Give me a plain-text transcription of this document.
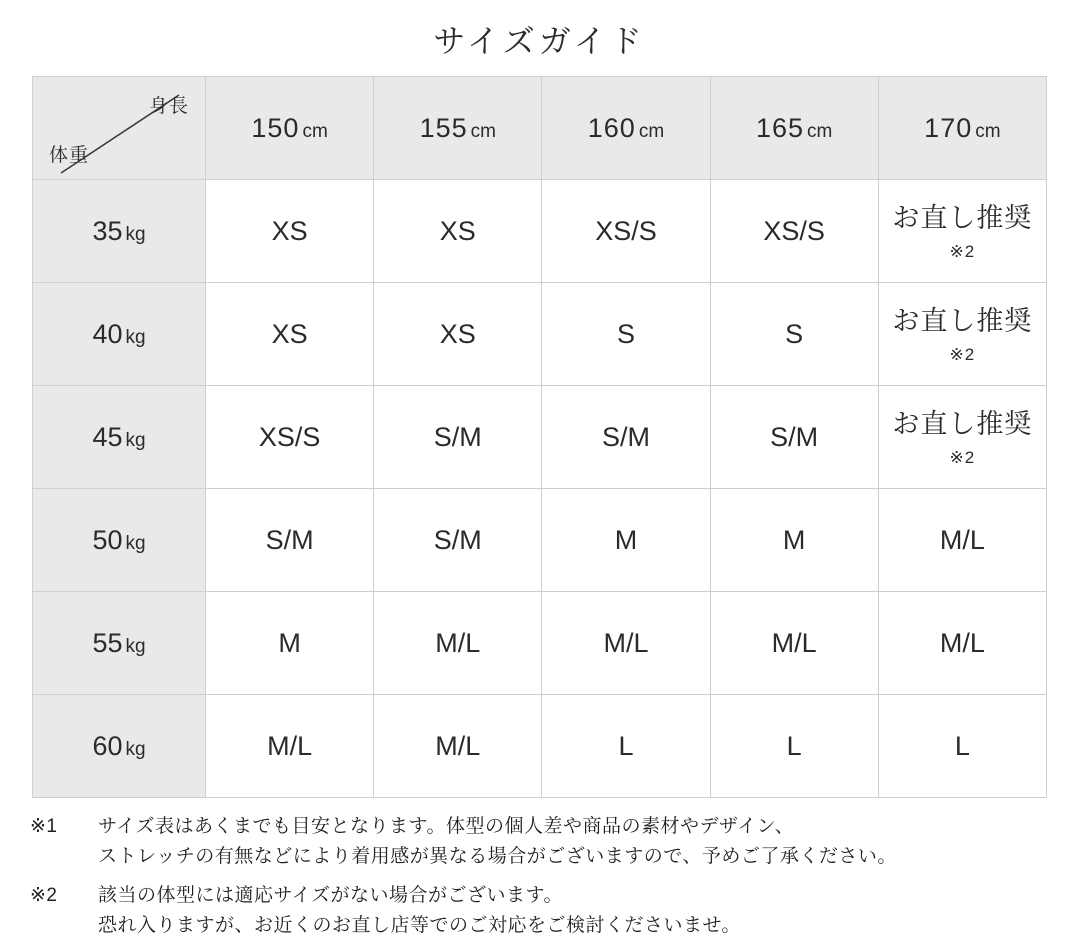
サイズガイド
身長
体重	150 cm	155 cm	160 cm	165 cm	170 cm
35 kg	XS	XS	XS/S	XS/S	お直し推奨
※2

40 kg	XS	XS	S	S	お直し推奨
※2

45 kg	XS/S	S/M	S/M	S/M	お直し推奨
※2

50 kg	S/M	S/M	M	M	M/L
55 kg	M	M/L	M/L	M/L	M/L
60 kg	M/L	M/L	L	L	L
※1	サイズ表はあくまでも目安となります。体型の個人差や商品の素材やデザイン、
ストレッチの有無などにより着用感が異なる場合がございますので、予めご了承ください。
※2	該当の体型には適応サイズがない場合がございます。
恐れ入りますが、お近くのお直し店等でのご対応をご検討くださいませ。
